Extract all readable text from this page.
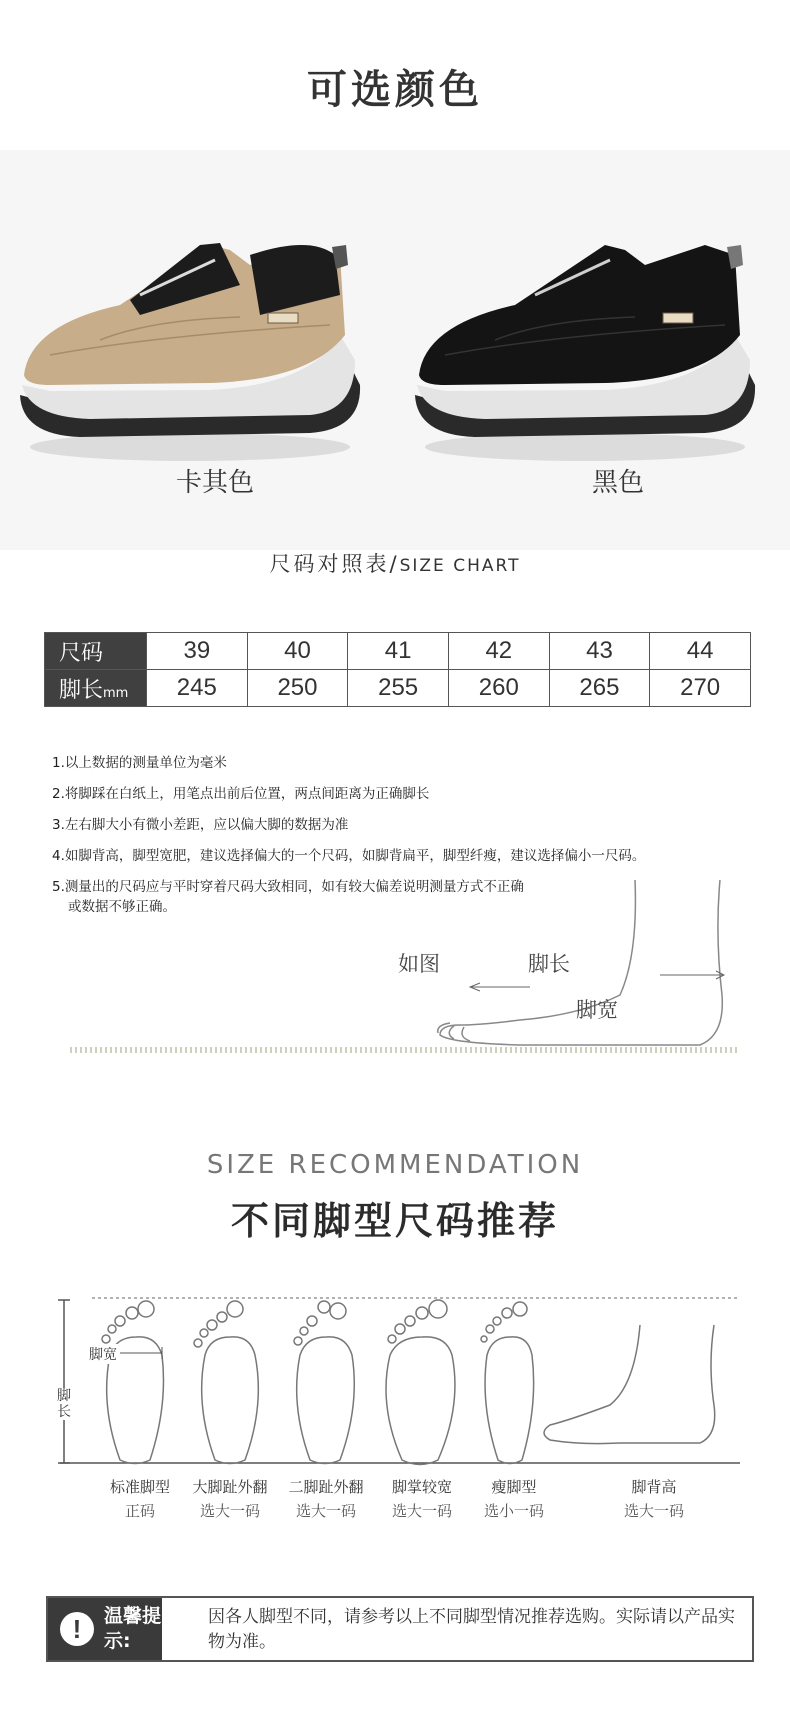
可选颜色
卡其色	黑色
尺码对照表/SIZE CHART
尺码	39	40	41	42	43	44
脚长mm	245	250	255	260	265	270

1.以上数据的测量单位为毫米

2.将脚踩在白纸上，用笔点出前后位置，两点间距离为正确脚长

3.左右脚大小有微小差距，应以偏大脚的数据为准

4.如脚背高，脚型宽肥，建议选择偏大的一个尺码，如脚背扁平，脚型纤瘦，建议选择偏小一尺码。

5.测量出的尺码应与平时穿着尺码大致相同，如有较大偏差说明测量方式不正确

或数据不够正确。

如图	脚长
脚宽
SIZE RECOMMENDATION
不同脚型尺码推荐
脚宽
脚长
标准脚型
正码
大脚趾外翻
选大一码
二脚趾外翻
选大一码
脚掌较宽
选大一码
瘦脚型
选小一码
脚背高
选大一码
!	温馨提示:
因各人脚型不同，请参考以上不同脚型情况推荐选购。实际请以产品实物为准。
